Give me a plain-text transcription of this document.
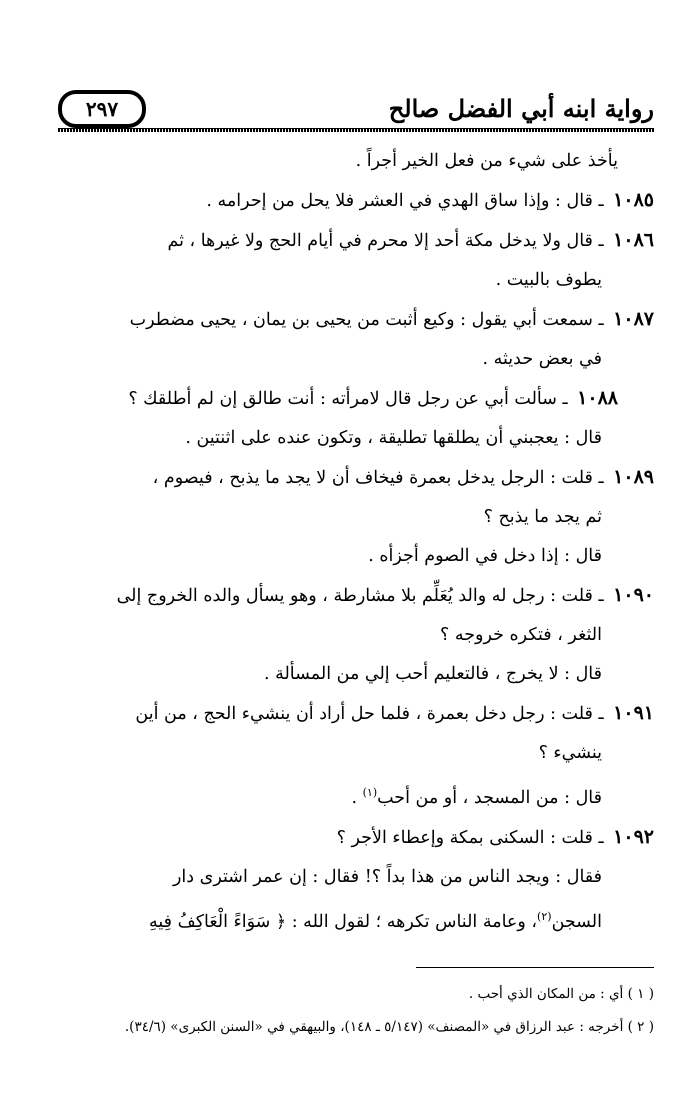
رواية ابنه أبي الفضل صالح
٢٩٧
يأخذ على شيء من فعل الخير أجراً .
١٠٨٥ ـ قال : وإذا ساق الهدي في العشر فلا يحل من إحرامه .
١٠٨٦ ـ قال ولا يدخل مكة أحد إلا محرم في أيام الحج ولا غيرها ، ثم
يطوف بالبيت .
١٠٨٧ ـ سمعت أبي يقول : وكيع أثبت من يحيى بن يمان ، يحيى مضطرب
في بعض حديثه .
١٠٨٨ ـ سألت أبي عن رجل قال لامرأته : أنت طالق إن لم أطلقك ؟
قال : يعجبني أن يطلقها تطليقة ، وتكون عنده على اثنتين .
١٠٨٩ ـ قلت : الرجل يدخل بعمرة فيخاف أن لا يجد ما يذبح ، فيصوم ،
ثم يجد ما يذبح ؟
قال : إذا دخل في الصوم أجزأه .
١٠٩٠ ـ قلت : رجل له والد يُعَلِّم بلا مشارطة ، وهو يسأل والده الخروج إلى
الثغر ، فتكره خروجه ؟
قال : لا يخرج ، فالتعليم أحب إلي من المسألة .
١٠٩١ ـ قلت : رجل دخل بعمرة ، فلما حل أراد أن ينشيء الحج ، من أين
ينشيء ؟
قال : من المسجد ، أو من أحب$^{(١)}$ .
١٠٩٢ ـ قلت : السكنى بمكة وإعطاء الأجر ؟
فقال : ويجد الناس من هذا بداً ؟! فقال : إن عمر اشترى دار
السجن$^{(٢)}$، وعامة الناس تكرهه ؛ لقول الله : ﴿ سَوَاءً الْعَاكِفُ فِيهِ
( ١ ) أي : من المكان الذي أحب .
( ٢ ) أخرجه : عبد الرزاق في «المصنف» (٥/١٤٧ ـ ١٤٨)، والبيهقي في «السنن الكبرى» (٣٤/٦).
